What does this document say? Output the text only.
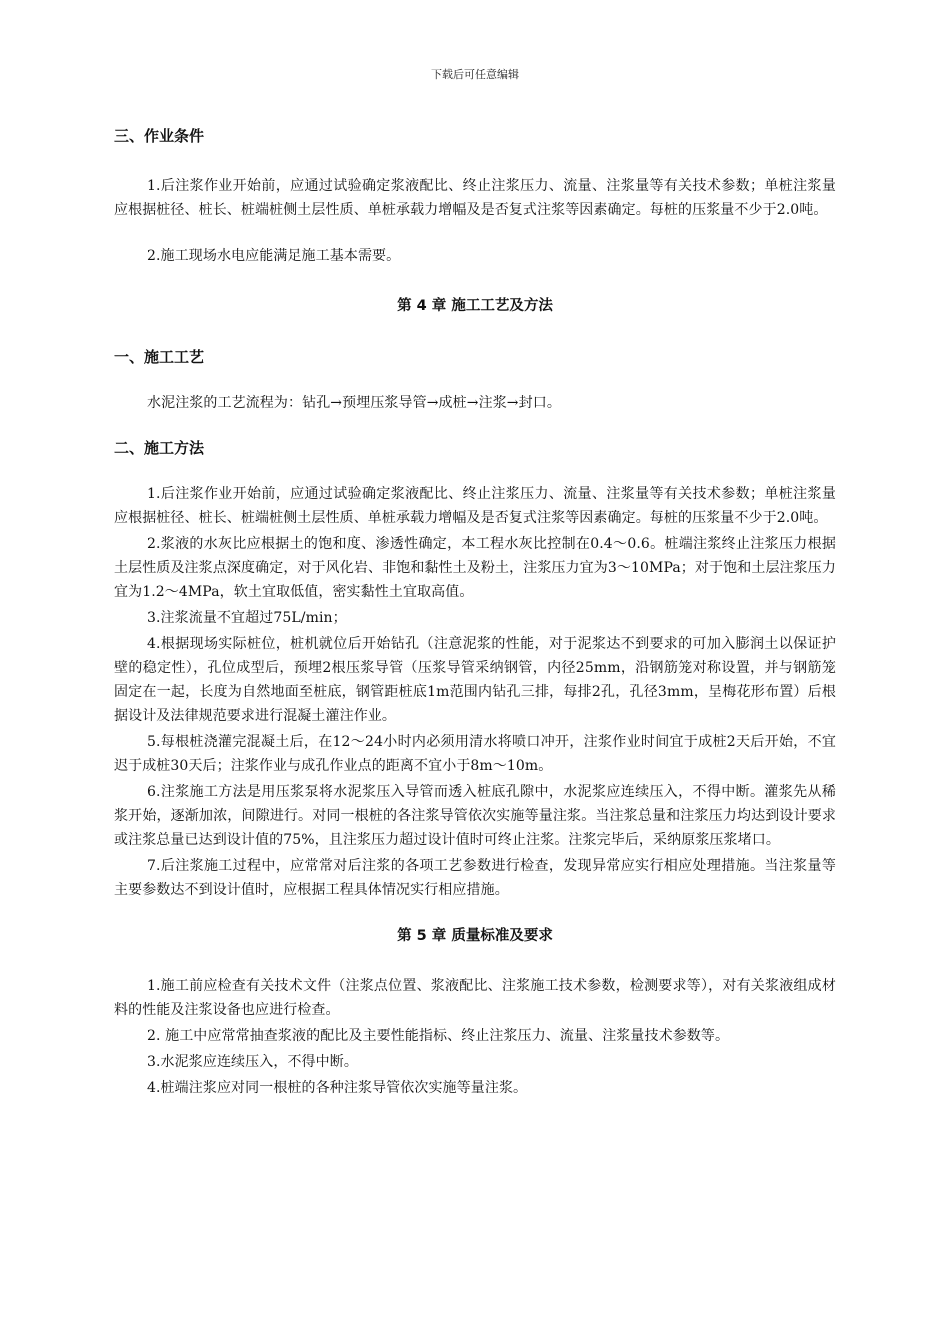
下载后可任意编辑
三、作业条件

1.后注浆作业开始前，应通过试验确定浆液配比、终止注浆压力、流量、注浆量等有关技术参数；单桩注浆量应根据桩径、桩长、桩端桩侧土层性质、单桩承载力增幅及是否复式注浆等因素确定。每桩的压浆量不少于2.0吨。

2.施工现场水电应能满足施工基本需要。

第 4 章 施工工艺及方法
一、施工工艺

水泥注浆的工艺流程为：钻孔→预埋压浆导管→成桩→注浆→封口。

二、施工方法

1.后注浆作业开始前，应通过试验确定浆液配比、终止注浆压力、流量、注浆量等有关技术参数；单桩注浆量应根据桩径、桩长、桩端桩侧土层性质、单桩承载力增幅及是否复式注浆等因素确定。每桩的压浆量不少于2.0吨。

2.浆液的水灰比应根据土的饱和度、渗透性确定，本工程水灰比控制在0.4～0.6。桩端注浆终止注浆压力根据土层性质及注浆点深度确定，对于风化岩、非饱和黏性土及粉土，注浆压力宜为3～10MPa；对于饱和土层注浆压力宜为1.2～4MPa，软土宜取低值，密实黏性土宜取高值。

3.注浆流量不宜超过75L/min；

4.根据现场实际桩位，桩机就位后开始钻孔（注意泥浆的性能，对于泥浆达不到要求的可加入膨润土以保证护壁的稳定性），孔位成型后，预埋2根压浆导管（压浆导管采纳钢管，内径25mm，沿钢筋笼对称设置，并与钢筋笼固定在一起，长度为自然地面至桩底，钢管距桩底1m范围内钻孔三排，每排2孔，孔径3mm，呈梅花形布置）后根据设计及法律规范要求进行混凝土灌注作业。

5.每根桩浇灌完混凝土后，在12～24小时内必须用清水将喷口冲开，注浆作业时间宜于成桩2天后开始，不宜迟于成桩30天后；注浆作业与成孔作业点的距离不宜小于8m～10m。

6.注浆施工方法是用压浆泵将水泥浆压入导管而透入桩底孔隙中，水泥浆应连续压入，不得中断。灌浆先从稀浆开始，逐渐加浓，间隙进行。对同一根桩的各注浆导管依次实施等量注浆。当注浆总量和注浆压力均达到设计要求或注浆总量已达到设计值的75%，且注浆压力超过设计值时可终止注浆。注浆完毕后，采纳原浆压浆堵口。

7.后注浆施工过程中，应常常对后注浆的各项工艺参数进行检查，发现异常应实行相应处理措施。当注浆量等主要参数达不到设计值时，应根据工程具体情况实行相应措施。

第 5 章 质量标准及要求

1.施工前应检查有关技术文件（注浆点位置、浆液配比、注浆施工技术参数，检测要求等），对有关浆液组成材料的性能及注浆设备也应进行检查。

2. 施工中应常常抽查浆液的配比及主要性能指标、终止注浆压力、流量、注浆量技术参数等。

3.水泥浆应连续压入，不得中断。

4.桩端注浆应对同一根桩的各种注浆导管依次实施等量注浆。
